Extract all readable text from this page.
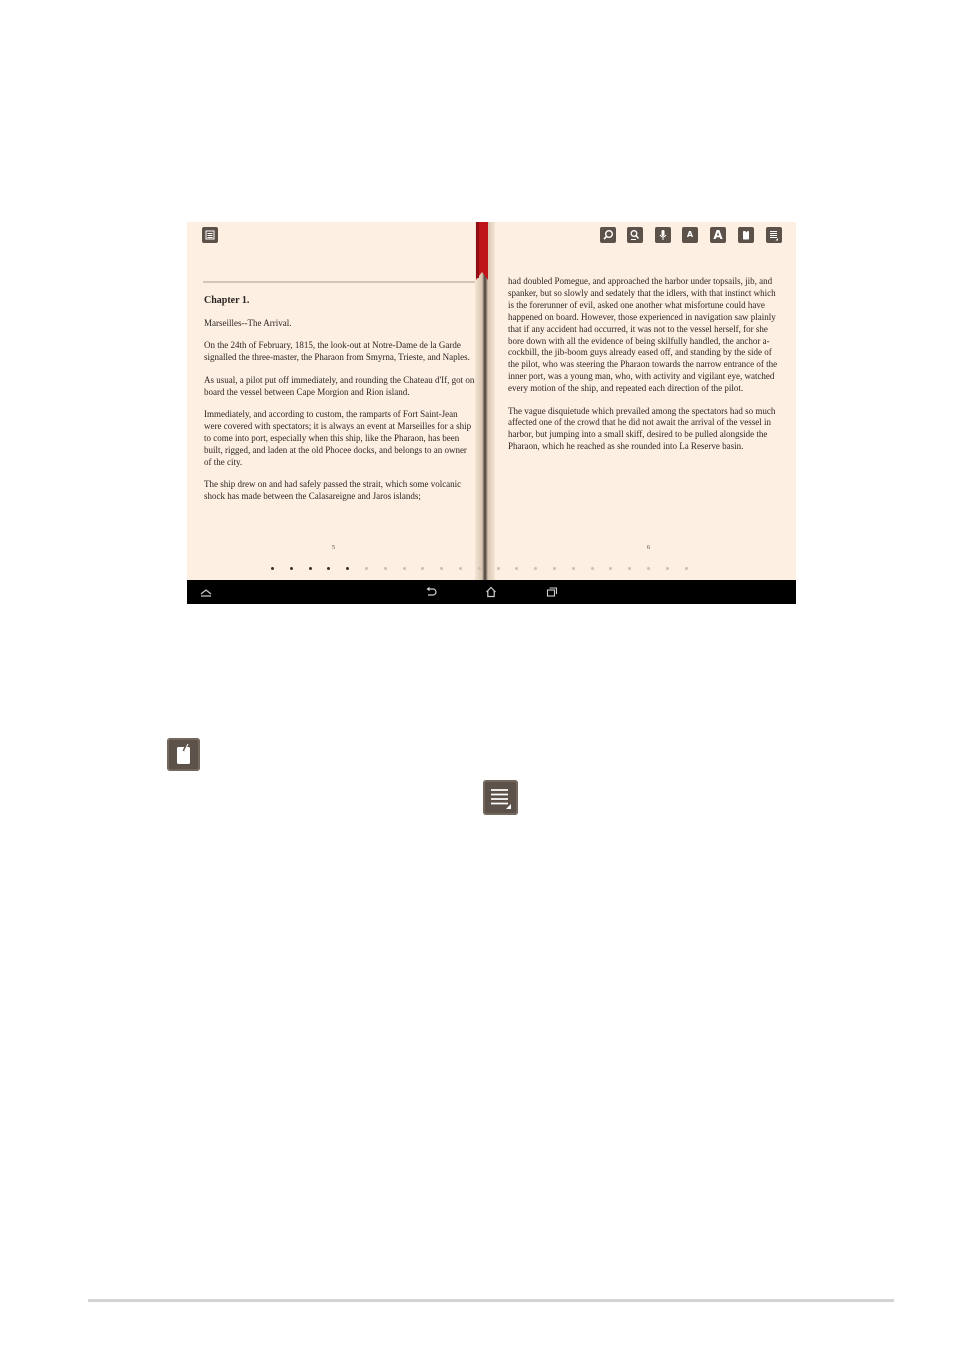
Chapter 1.

Marseilles--The Arrival.

On the 24th of February, 1815, the look-out at Notre-Dame de la Garde signalled the three-master, the Pharaon from Smyrna, Trieste, and Naples.

As usual, a pilot put off immediately, and rounding the Chateau d'If, got on board the vessel between Cape Morgion and Rion island.

Immediately, and according to custom, the ramparts of Fort Saint-Jean were covered with spectators; it is always an event at Marseilles for a ship to come into port, especially when this ship, like the Pharaon, has been built, rigged, and laden at the old Phocee docks, and belongs to an owner of the city.

The ship drew on and had safely passed the strait, which some volcanic shock has made between the Calasareigne and Jaros islands;

5
A	A

had doubled Pomegue, and approached the harbor under topsails, jib, and spanker, but so slowly and sedately that the idlers, with that instinct which is the forerunner of evil, asked one another what misfortune could have happened on board. However, those experienced in navigation saw plainly that if any accident had occurred, it was not to the vessel herself, for she bore down with all the evidence of being skilfully handled, the anchor a-cockbill, the jib-boom guys already eased off, and standing by the side of the pilot, who was steering the Pharaon towards the narrow entrance of the inner port, was a young man, who, with activity and vigilant eye, watched every motion of the ship, and repeated each direction of the pilot.

The vague disquietude which prevailed among the spectators had so much affected one of the crowd that he did not await the arrival of the vessel in harbor, but jumping into a small skiff, desired to be pulled alongside the Pharaon, which he reached as she rounded into La Reserve basin.

6
